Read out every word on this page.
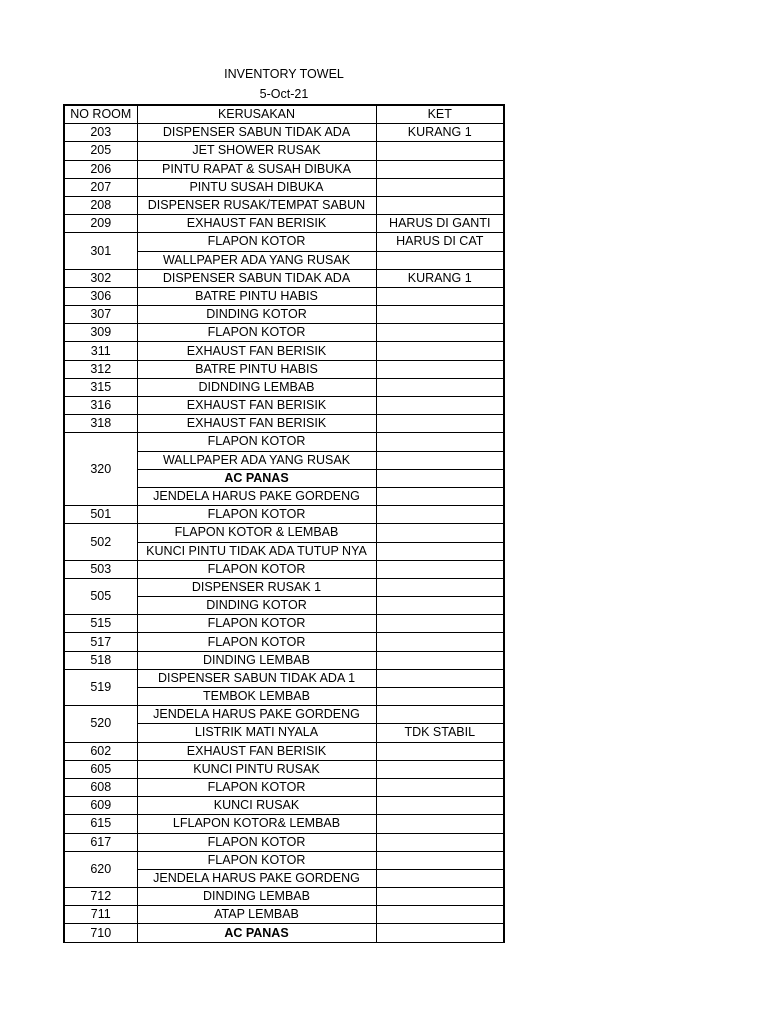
INVENTORY TOWEL
5-Oct-21
NO ROOM	KERUSAKAN	KET
203	DISPENSER SABUN TIDAK ADA	KURANG 1
205	JET SHOWER RUSAK	
206	PINTU RAPAT & SUSAH DIBUKA	
207	PINTU SUSAH DIBUKA	
208	DISPENSER RUSAK/TEMPAT SABUN	
209	EXHAUST FAN BERISIK	HARUS DI GANTI
301	FLAPON KOTOR	HARUS DI CAT
	WALLPAPER ADA YANG RUSAK	
302	DISPENSER SABUN TIDAK ADA	KURANG 1
306	BATRE PINTU HABIS	
307	DINDING KOTOR	
309	FLAPON KOTOR	
311	EXHAUST FAN BERISIK	
312	BATRE PINTU HABIS	
315	DIDNDING LEMBAB	
316	EXHAUST FAN BERISIK	
318	EXHAUST FAN BERISIK	
320	FLAPON KOTOR	
	WALLPAPER ADA YANG RUSAK	
	AC PANAS	
	JENDELA HARUS PAKE GORDENG	
501	FLAPON KOTOR	
502	FLAPON KOTOR & LEMBAB	
	KUNCI PINTU TIDAK ADA TUTUP NYA	
503	FLAPON KOTOR	
505	DISPENSER RUSAK 1	
	DINDING KOTOR	
515	FLAPON KOTOR	
517	FLAPON KOTOR	
518	DINDING LEMBAB	
519	DISPENSER SABUN TIDAK ADA 1	
	TEMBOK LEMBAB	
520	JENDELA HARUS PAKE GORDENG	
	LISTRIK MATI NYALA	TDK STABIL
602	EXHAUST FAN BERISIK	
605	KUNCI PINTU RUSAK	
608	FLAPON KOTOR	
609	KUNCI RUSAK	
615	LFLAPON KOTOR& LEMBAB	
617	FLAPON KOTOR	
620	FLAPON KOTOR	
	JENDELA HARUS PAKE GORDENG	
712	DINDING LEMBAB	
711	ATAP LEMBAB	
710	AC PANAS	
